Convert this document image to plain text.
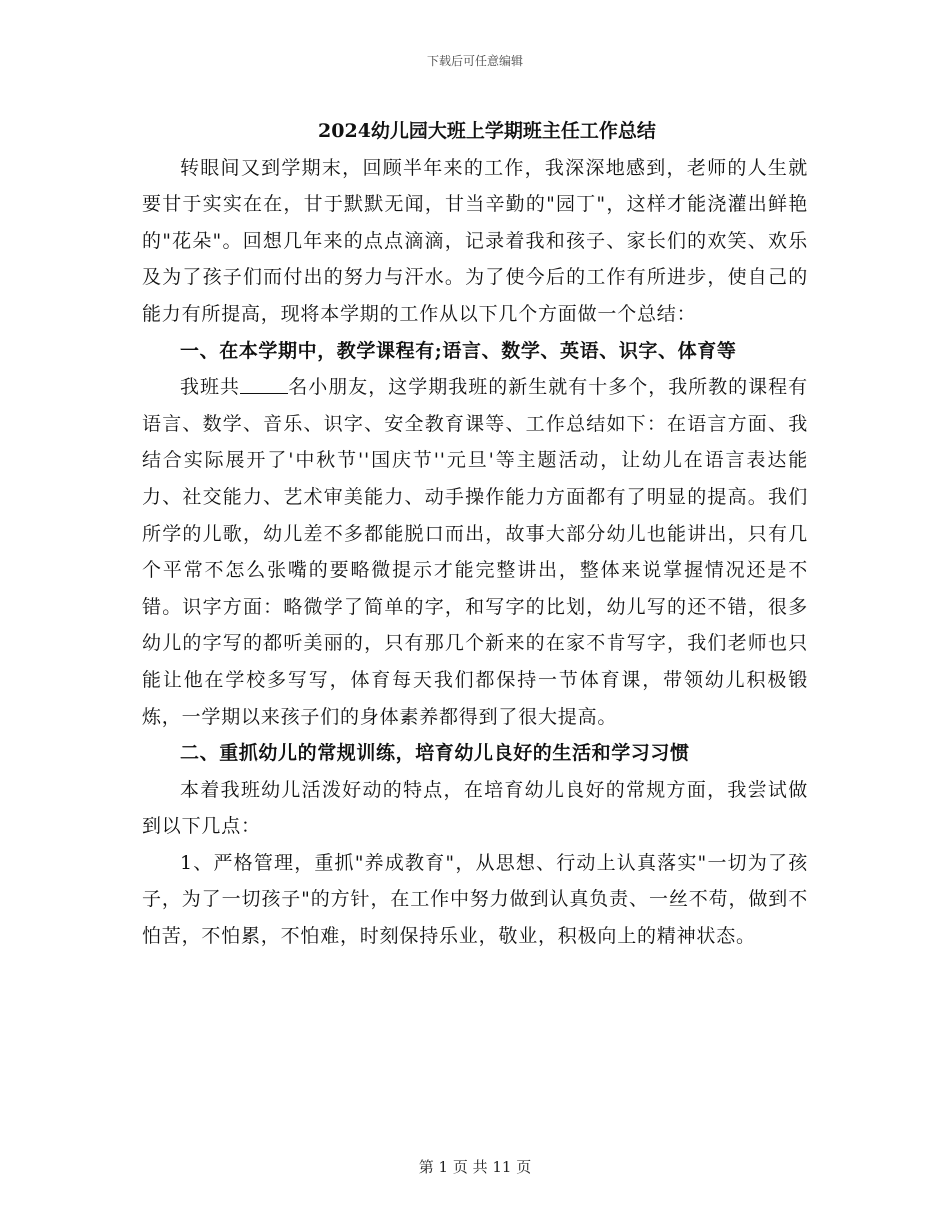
下载后可任意编辑
2024幼儿园大班上学期班主任工作总结

转眼间又到学期末，回顾半年来的工作，我深深地感到，老师的人生就要甘于实实在在，甘于默默无闻，甘当辛勤的"园丁"，这样才能浇灌出鲜艳的"花朵"。回想几年来的点点滴滴，记录着我和孩子、家长们的欢笑、欢乐及为了孩子们而付出的努力与汗水。为了使今后的工作有所进步，使自己的能力有所提高，现将本学期的工作从以下几个方面做一个总结：

一、在本学期中，教学课程有;语言、数学、英语、识字、体育等

我班共	名小朋友，这学期我班的新生就有十多个，我所教的课程有语言、数学、音乐、识字、安全教育课等、工作总结如下：在语言方面、我结合实际展开了'中秋节''国庆节''元旦'等主题活动，让幼儿在语言表达能力、社交能力、艺术审美能力、动手操作能力方面都有了明显的提高。我们所学的儿歌，幼儿差不多都能脱口而出，故事大部分幼儿也能讲出，只有几个平常不怎么张嘴的要略微提示才能完整讲出，整体来说掌握情况还是不错。识字方面：略微学了简单的字，和写字的比划，幼儿写的还不错，很多幼儿的字写的都听美丽的，只有那几个新来的在家不肯写字，我们老师也只能让他在学校多写写，体育每天我们都保持一节体育课，带领幼儿积极锻炼，一学期以来孩子们的身体素养都得到了很大提高。

二、重抓幼儿的常规训练，培育幼儿良好的生活和学习习惯

本着我班幼儿活泼好动的特点，在培育幼儿良好的常规方面，我尝试做到以下几点：

1、严格管理，重抓"养成教育"，从思想、行动上认真落实"一切为了孩子，为了一切孩子"的方针，在工作中努力做到认真负责、一丝不苟，做到不怕苦，不怕累，不怕难，时刻保持乐业，敬业，积极向上的精神状态。

第 1 页 共 11 页
